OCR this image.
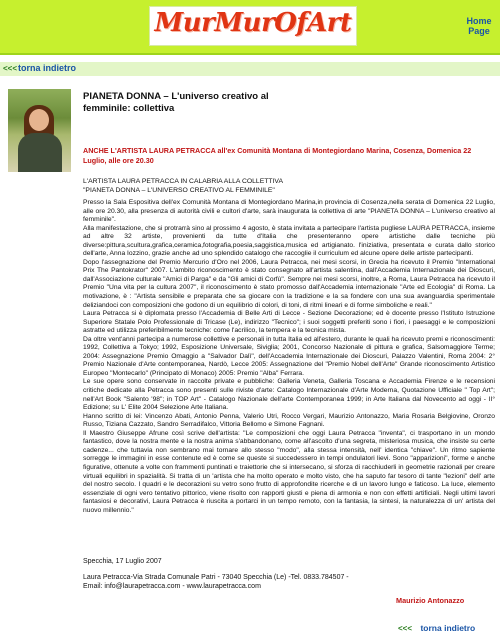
MurMurOfArt	Home
Page
<<< torna indietro
PIANETA DONNA – L'universo creativo al
femminile: collettiva
ANCHE L'ARTISTA LAURA PETRACCA all'ex Comunità Montana di Montegiordano Marina, Cosenza, Domenica 22 Luglio, alle ore 20.30
L'ARTISTA LAURA PETRACCA IN CALABRIA ALLA COLLETTIVA
"PIANETA DONNA – L'UNIVERSO CREATIVO AL FEMMINILE"

Presso la Sala Espositiva dell'ex Comunità Montana di Montegiordano Marina,in provincia di Cosenza,nella serata di Domenica 22 Luglio, alle ore 20.30, alla presenza di autorità civili e cultori d'arte, sarà inaugurata la collettiva di arte "PIANETA DONNA – L'universo creativo al femminile".

Alla manifestazione, che si protrarrà sino al prossimo 4 agosto, è stata invitata a partecipare l'artista pugliese LAURA PETRACCA, insieme ad altre 32 artiste, provenienti da tutte d'Italia che presenteranno opere artistiche dalle tecniche più diverse:pittura,scultura,grafica,ceramica,fotografia,poesia,saggistica,musica ed artigianato. l'iniziativa, presentata e curata dallo storico dell'arte, Anna Iozzino, grazie anche ad uno splendido catalogo che raccoglie il curriculum ed alcune opere delle artiste partecipanti.

Dopo l'assegnazione del Premio Mercurio d'Oro nel 2006, Laura Petracca, nei mesi scorsi, in Grecia ha ricevuto il Premio "International Prix The Pantokrator" 2007. L'ambito riconoscimento è stato consegnato all'artista salentina, dall'Accademia Internazionale dei Dioscuri, dall'Associazione culturale "Amici di Parga" e da "Gli amici di Corfù". Sempre nei mesi scorsi, inoltre, a Roma, Laura Petracca ha ricevuto il Premio "Una vita per la cultura 2007", il riconoscimento è stato promosso dall'Accademia internazionale "Arte ed Ecologia" di Roma. La motivazione, è : "Artista sensibile e preparata che sa giocare con la tradizione e la sa fondere con una sua avanguardia sperimentale deliziandoci con composizioni che godono di un equilibrio di colori, di toni, di ritmi lineari e di forme simboliche e reali."

Laura Petracca si è diplomata presso l'Accademia di Belle Arti di Lecce - Sezione Decorazione; ed è docente presso l'Istituto Istruzione Superiore Statale Polo Professionale di Tricase (Le), indirizzo "Tecnico"; i suoi soggetti preferiti sono i fiori, i paesaggi e le composizioni astratte ed utilizza preferibilmente tecniche: come l'acrilico, la tempera e la tecnica mista.

Da oltre vent'anni partecipa a numerose collettive e personali in tutta Italia ed all'estero, durante le quali ha ricevuto premi e riconoscimenti: 1992, Collettiva a Tokyo; 1992, Esposizione Universale, Siviglia; 2001, Concorso Nazionale di pittura e grafica, Salsomaggiore Terme; 2004: Assegnazione Premio Omaggio a "Salvador Dalì", dell'Accademia Internazionale dei Dioscuri, Palazzo Valentini, Roma 2004: 2° Premio Nazionale d'Arte contemporanea, Nardò, Lecce 2005: Assegnazione del "Premio Nobel dell'Arte" Grande riconoscimento Artistico Europeo "Montecarlo" (Principato di Monaco) 2005: Premio "Alba" Ferrara.

Le sue opere sono conservate in raccolte private e pubbliche: Galleria Veneta, Galleria Toscana e Accademia Firenze e le recensioni critiche dedicate alla Petracca sono presenti sulle riviste d'arte: Catalogo Internazionale d'Arte Moderna, Quotazione Ufficiale " Top Art"; nell'Art Book "Salento '98"; in TOP Art" - Catalogo Nazionale dell'arte Contemporanea 1999; in Arte Italiana dal Novecento ad oggi - II° Edizione; su L' Elite 2004 Selezione Arte Italiana.

Hanno scritto di lei: Vincenzo Abati, Antonio Penna, Valerio Utri, Rocco Vergari, Maurizio Antonazzo, Maria Rosaria Belgiovine, Oronzo Russo, Tiziana Cazzato, Sandro Serradifalco, Vittoria Bellomo e Simone Fagnani.

Il Maestro Giuseppe Afrune così scrive dell'artista: "Le composizioni che oggi Laura Petracca "inventa", ci trasportano in un mondo fantastico, dove la nostra mente e la nostra anima s'abbandonano, come all'ascolto d'una segreta, misteriosa musica, che insiste su certe cadenze... che tuttavia non sembrano mai tornare allo stesso "modo", alla stessa intensità, nell' identica "chiave". Un ritmo sapiente sorregge le immagini in esse contenute ed è come se queste si succedessero in tempi ondulatori lievi. Sono "apparizioni", forme e anche figurative, ottenute a volte con frammenti puntinati e traiettorie che si intersecano, si sforza di racchiuderli in geometrie razionali per creare virtuali equilibri in spazialità. Si tratta di un 'artista che ha molto operato e molto visto, che ha saputo far tesoro di tante "lezioni" dell' arte del nostro secolo. I quadri e le decorazioni su vetro sono frutto di approfondite ricerche e di un lavoro lungo e faticoso. La luce, elemento essenziale di ogni vero tentativo pittorico, viene risolto con rapporti giusti e piena di armonia e non con effetti artificiali. Negli ultimi lavori fantasiosi e decorativi, Laura Petracca è riuscita a portarci in un tempo remoto, con la fantasia, la sintesi, la naturalezza di un' artista del nuovo millennio."

Specchia, 17 Luglio 2007
Laura Petracca-Via Strada Comunale Patri - 73040 Specchia (Le) -Tel. 0833.784507 -
Email: info@laurapetracca.com - www.laurapetracca.com
Maurizio Antonazzo
<<< torna indietro
